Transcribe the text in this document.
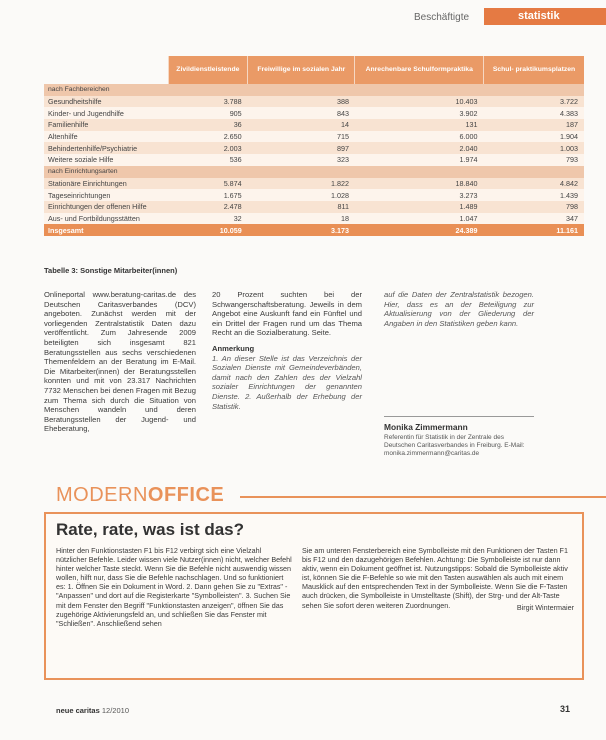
Beschäftigte	statistik
	Zivildienstleistende	Freiwillige im sozialen Jahr	Anrechenbare Schulformpraktika	Schul- praktikumsplatzen
nach Fachbereichen				
Gesundheitshilfe	3.788	388	10.403	3.722
Kinder- und Jugendhilfe	905	843	3.902	4.383
Familienhilfe	36	14	131	187
Altenhilfe	2.650	715	6.000	1.904
Behindertenhilfe/Psychiatrie	2.003	897	2.040	1.003
Weitere soziale Hilfe	536	323	1.974	793
nach Einrichtungsarten				
Stationäre Einrichtungen	5.874	1.822	18.840	4.842
Tageseinrichtungen	1.675	1.028	3.273	1.439
Einrichtungen der offenen Hilfe	2.478	811	1.489	798
Aus- und Fortbildungsstätten	32	18	1.047	347
Insgesamt	10.059	3.173	24.389	11.161
Tabelle 3: Sonstige Mitarbeiter(innen)
Onlineportal www.beratung-caritas.de des Deutschen Caritasverbandes (DCV) angeboten. Zunächst werden mit der vorliegenden Zentralstatistik Daten dazu veröffentlicht. Zum Jahresende 2009 beteiligten sich insgesamt 821 Beratungsstellen aus sechs verschiedenen Themenfeldern an der Beratung im E-Mail. Die Mitarbeiter(innen) der Beratungsstellen konnten und mit von 23.317 Nachrichten 7732 Menschen bei denen Fragen mit Bezug zum Thema sich durch die Situation von Menschen wandeln und deren Beratungsstellen der Jugend- und Eheberatung,
20 Prozent suchten bei der Schwangerschaftsberatung. Jeweils in dem Angebot eine Auskunft fand ein Fünftel und ein Drittel der Fragen rund um das Thema Recht an die Sozialberatung. Seite.
Anmerkung
1. An dieser Stelle ist das Verzeichnis der Sozialen Dienste mit Gemeindeverbänden, damit nach den Zahlen des der Vielzahl sozialer Einrichtungen der genannten Dienste. 2. Außerhalb der Erhebung der Statistik.
auf die Daten der Zentralstatistik bezogen. Hier, dass es an der Beteiligung zur Aktualisierung von der Gliederung der Angaben in den Statistiken geben kann.
Monika Zimmermann
Referentin für Statistik in der Zentrale des Deutschen Caritasverbandes in Freiburg. E-Mail: monika.zimmermann@caritas.de
MODERNOFFICE
Rate, rate, was ist das?
Hinter den Funktionstasten F1 bis F12 verbirgt sich eine Vielzahl nützlicher Befehle. Leider wissen viele Nutzer(innen) nicht, welcher Befehl hinter welcher Taste steckt. Wenn Sie die Befehle nicht auswendig wissen wollen, hilft nur, dass Sie die Befehle nachschlagen. Und so funktioniert es: 1. Öffnen Sie ein Dokument in Word. 2. Dann gehen Sie zu "Extras" - "Anpassen" und dort auf die Registerkarte "Symbolleisten". 3. Suchen Sie mit dem Fenster den Begriff "Funktionstasten anzeigen", öffnen Sie das zugehörige Aktivierungsfeld an, und schließen Sie das Fenster mit "Schließen". Anschließend sehen
Sie am unteren Fensterbereich eine Symbolleiste mit den Funktionen der Tasten F1 bis F12 und den dazugehörigen Befehlen. Achtung: Die Symbolleiste ist nur dann aktiv, wenn ein Dokument geöffnet ist. Nutzungstipps: Sobald die Symbolleiste aktiv ist, können Sie die F-Befehle so wie mit den Tasten auswählen als auch mit einem Mausklick auf den entsprechenden Text in der Symbolleiste. Wenn Sie die F-Tasten auch drücken, die Symbolleiste in Umstelltaste (Shift), der Strg- und der Alt-Taste sehen Sie sofort deren weiteren Zuordnungen.	Birgit Wintermaier
neue caritas 12/2010	31
